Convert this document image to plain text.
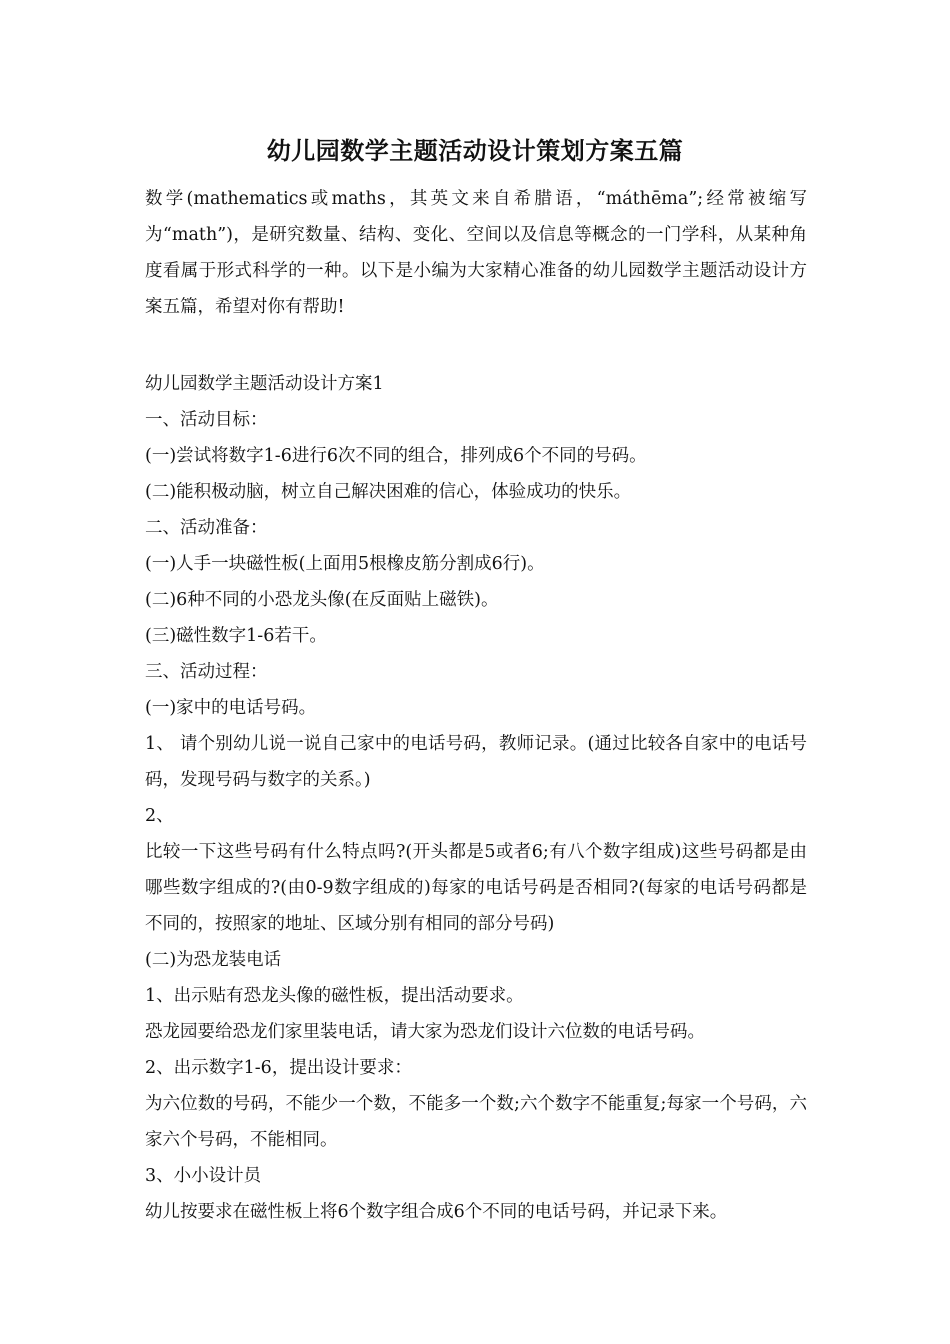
幼儿园数学主题活动设计策划方案五篇

数学(mathematics或maths，其英文来自希腊语，“máthēma”;经常被缩写为“math”)，是研究数量、结构、变化、空间以及信息等概念的一门学科，从某种角度看属于形式科学的一种。以下是小编为大家精心准备的幼儿园数学主题活动设计方案五篇，希望对你有帮助!

幼儿园数学主题活动设计方案1

一、活动目标：

(一)尝试将数字1-6进行6次不同的组合，排列成6个不同的号码。

(二)能积极动脑，树立自己解决困难的信心，体验成功的快乐。

二、活动准备：

(一)人手一块磁性板(上面用5根橡皮筋分割成6行)。

(二)6种不同的小恐龙头像(在反面贴上磁铁)。

(三)磁性数字1-6若干。

三、活动过程：

(一)家中的电话号码。

1、 请个别幼儿说一说自己家中的电话号码，教师记录。(通过比较各自家中的电话号码，发现号码与数字的关系。)

2、

比较一下这些号码有什么特点吗?(开头都是5或者6;有八个数字组成)这些号码都是由哪些数字组成的?(由0-9数字组成的)每家的电话号码是否相同?(每家的电话号码都是不同的，按照家的地址、区域分别有相同的部分号码)

(二)为恐龙装电话

1、出示贴有恐龙头像的磁性板，提出活动要求。

恐龙园要给恐龙们家里装电话，请大家为恐龙们设计六位数的电话号码。

2、出示数字1-6，提出设计要求：

为六位数的号码，不能少一个数，不能多一个数;六个数字不能重复;每家一个号码，六家六个号码，不能相同。

3、小小设计员

幼儿按要求在磁性板上将6个数字组合成6个不同的电话号码，并记录下来。
